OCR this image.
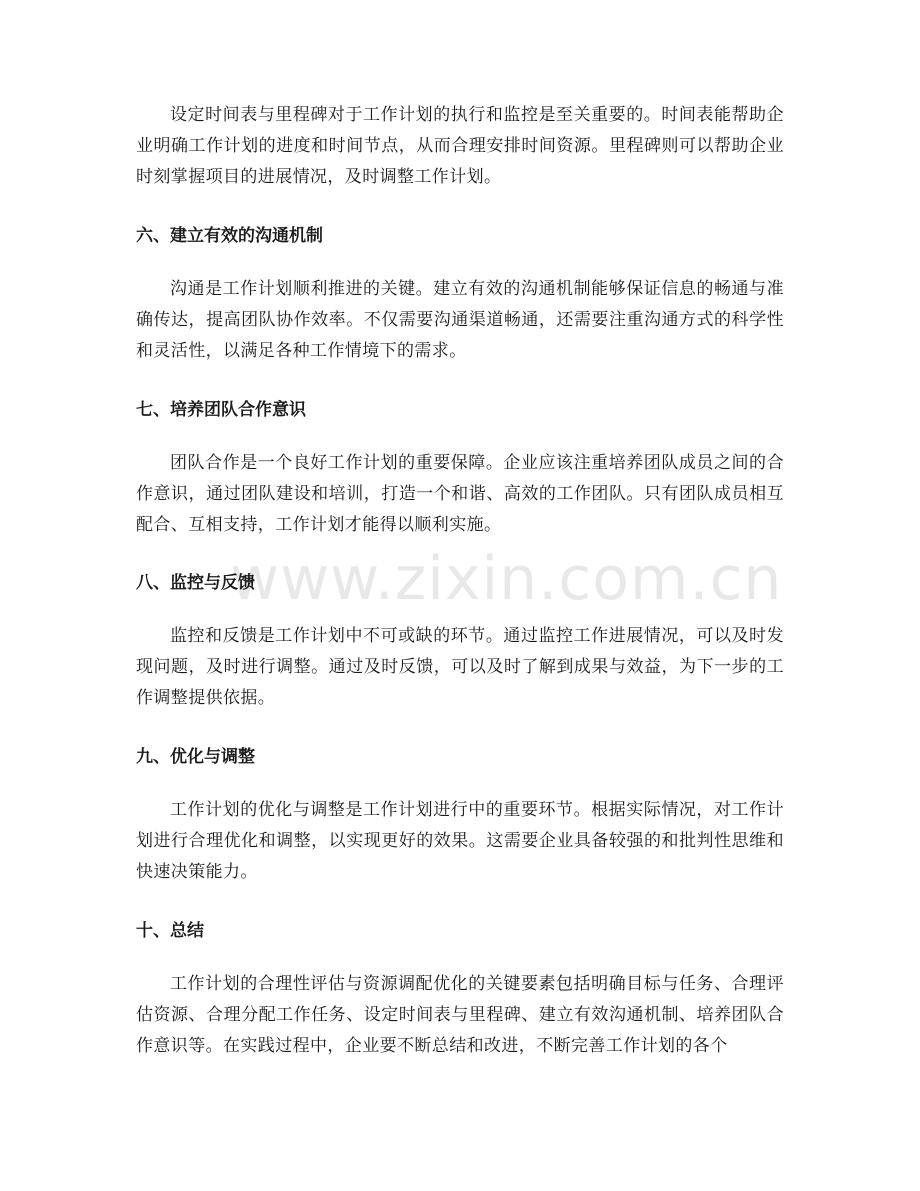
设定时间表与里程碑对于工作计划的执行和监控是至关重要的。时间表能帮助企业明确工作计划的进度和时间节点，从而合理安排时间资源。里程碑则可以帮助企业时刻掌握项目的进展情况，及时调整工作计划。

六、建立有效的沟通机制

沟通是工作计划顺利推进的关键。建立有效的沟通机制能够保证信息的畅通与准确传达，提高团队协作效率。不仅需要沟通渠道畅通，还需要注重沟通方式的科学性和灵活性，以满足各种工作情境下的需求。

七、培养团队合作意识

团队合作是一个良好工作计划的重要保障。企业应该注重培养团队成员之间的合作意识，通过团队建设和培训，打造一个和谐、高效的工作团队。只有团队成员相互配合、互相支持，工作计划才能得以顺利实施。

八、监控与反馈

监控和反馈是工作计划中不可或缺的环节。通过监控工作进展情况，可以及时发现问题，及时进行调整。通过及时反馈，可以及时了解到成果与效益，为下一步的工作调整提供依据。

九、优化与调整

工作计划的优化与调整是工作计划进行中的重要环节。根据实际情况，对工作计划进行合理优化和调整，以实现更好的效果。这需要企业具备较强的和批判性思维和快速决策能力。

十、总结

工作计划的合理性评估与资源调配优化的关键要素包括明确目标与任务、合理评估资源、合理分配工作任务、设定时间表与里程碑、建立有效沟通机制、培养团队合作意识等。在实践过程中，企业要不断总结和改进，不断完善工作计划的各个

www.zixin.com.cn
